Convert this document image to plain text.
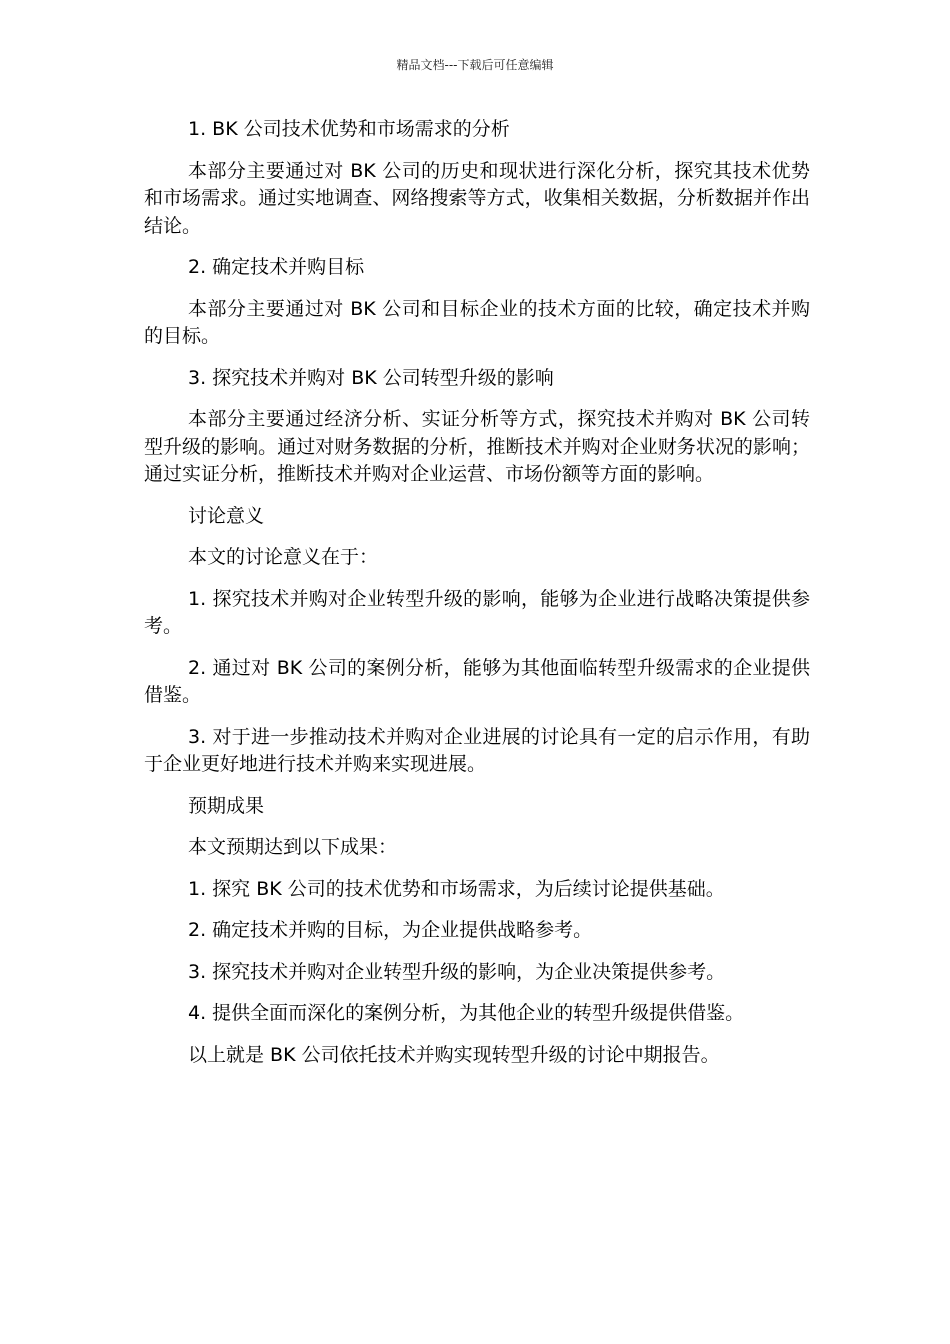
精品文档---下载后可任意编辑

1. BK 公司技术优势和市场需求的分析

本部分主要通过对 BK 公司的历史和现状进行深化分析，探究其技术优势和市场需求。通过实地调查、网络搜索等方式，收集相关数据，分析数据并作出结论。

2. 确定技术并购目标

本部分主要通过对 BK 公司和目标企业的技术方面的比较，确定技术并购的目标。

3. 探究技术并购对 BK 公司转型升级的影响

本部分主要通过经济分析、实证分析等方式，探究技术并购对 BK 公司转型升级的影响。通过对财务数据的分析，推断技术并购对企业财务状况的影响；通过实证分析，推断技术并购对企业运营、市场份额等方面的影响。

讨论意义

本文的讨论意义在于：

1. 探究技术并购对企业转型升级的影响，能够为企业进行战略决策提供参考。

2. 通过对 BK 公司的案例分析，能够为其他面临转型升级需求的企业提供借鉴。

3. 对于进一步推动技术并购对企业进展的讨论具有一定的启示作用，有助于企业更好地进行技术并购来实现进展。

预期成果

本文预期达到以下成果：

1. 探究 BK 公司的技术优势和市场需求，为后续讨论提供基础。

2. 确定技术并购的目标，为企业提供战略参考。

3. 探究技术并购对企业转型升级的影响，为企业决策提供参考。

4. 提供全面而深化的案例分析，为其他企业的转型升级提供借鉴。

以上就是 BK 公司依托技术并购实现转型升级的讨论中期报告。
